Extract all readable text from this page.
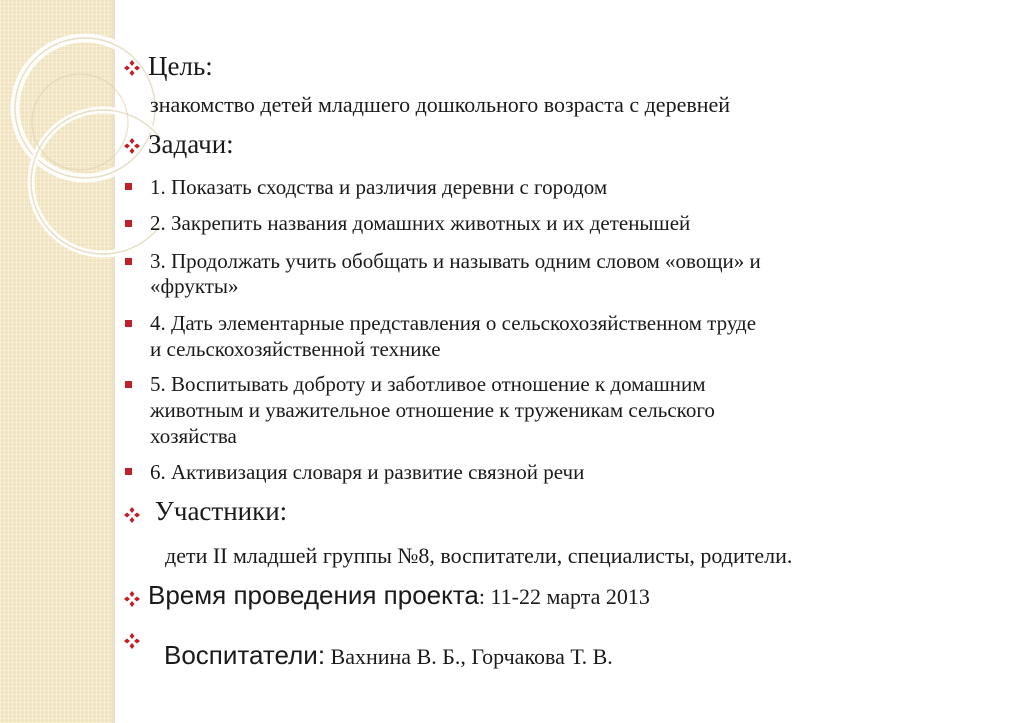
Цель:
знакомство детей младшего дошкольного возраста с деревней
Задачи:
1. Показать сходства и различия деревни с городом
2. Закрепить названия домашних животных и их детенышей
3. Продолжать учить обобщать и называть одним словом «овощи» и
«фрукты»
4. Дать элементарные представления о сельскохозяйственном труде
и сельскохозяйственной технике
5. Воспитывать доброту и заботливое отношение к домашним
животным и уважительное отношение к труженикам сельского
хозяйства
6. Активизация словаря и развитие связной речи
Участники:
дети II младшей группы №8, воспитатели, специалисты, родители.
Время проведения проекта: 11-22 марта 2013

Воспитатели: Вахнина В. Б., Горчакова Т. В.
